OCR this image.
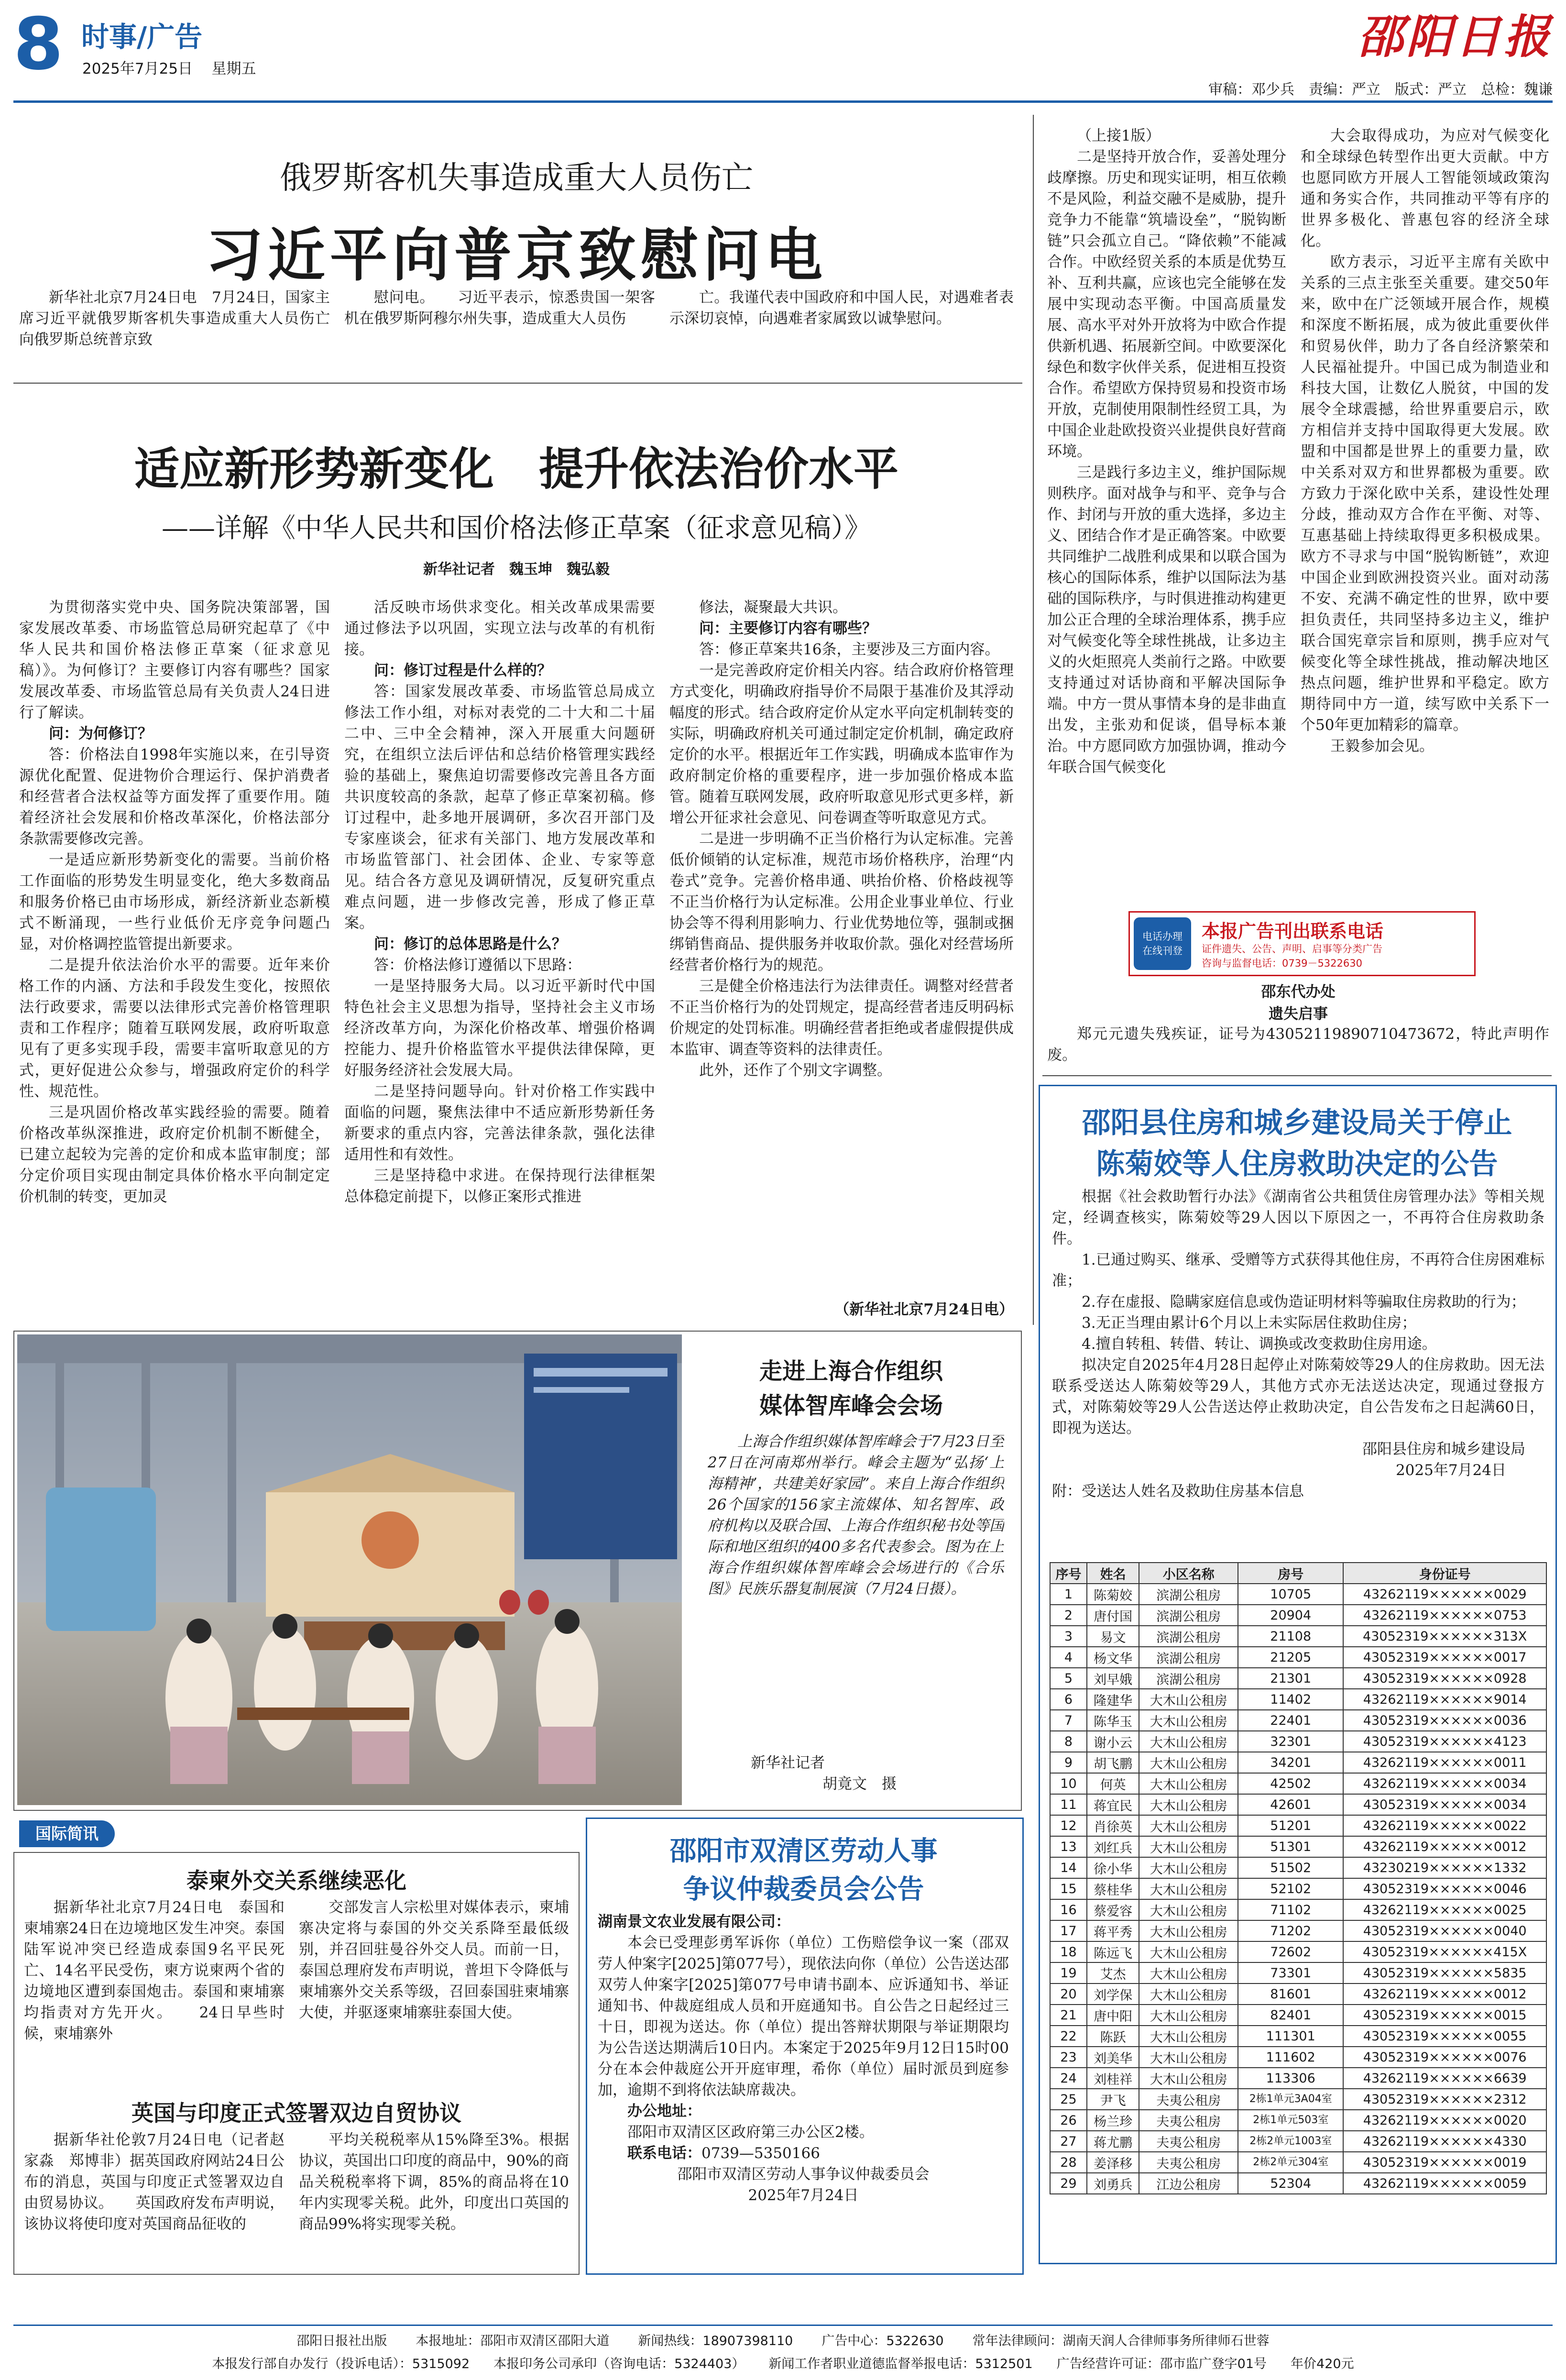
8 时事/广告
2025年7月25日 星期五
邵阳日报
审稿：邓少兵　责编：严立　版式：严立　总检：魏谦
俄罗斯客机失事造成重大人员伤亡
习近平向普京致慰问电

新华社北京7月24日电　7月24日，国家主席习近平就俄罗斯客机失事造成重大人员伤亡向俄罗斯总统普京致

慰问电。　　习近平表示，惊悉贵国一架客机在俄罗斯阿穆尔州失事，造成重大人员伤

亡。我谨代表中国政府和中国人民，对遇难者表示深切哀悼，向遇难者家属致以诚挚慰问。

适应新形势新变化　提升依法治价水平
——详解《中华人民共和国价格法修正草案（征求意见稿）》
新华社记者　魏玉坤　魏弘毅

为贯彻落实党中央、国务院决策部署，国家发展改革委、市场监管总局研究起草了《中华人民共和国价格法修正草案（征求意见稿）》。为何修订？主要修订内容有哪些？国家发展改革委、市场监管总局有关负责人24日进行了解读。

问：为何修订？

答：价格法自1998年实施以来，在引导资源优化配置、促进物价合理运行、保护消费者和经营者合法权益等方面发挥了重要作用。随着经济社会发展和价格改革深化，价格法部分条款需要修改完善。

一是适应新形势新变化的需要。当前价格工作面临的形势发生明显变化，绝大多数商品和服务价格已由市场形成，新经济新业态新模式不断涌现，一些行业低价无序竞争问题凸显，对价格调控监管提出新要求。

二是提升依法治价水平的需要。近年来价格工作的内涵、方法和手段发生变化，按照依法行政要求，需要以法律形式完善价格管理职责和工作程序；随着互联网发展，政府听取意见有了更多实现手段，需要丰富听取意见的方式，更好促进公众参与，增强政府定价的科学性、规范性。

三是巩固价格改革实践经验的需要。随着价格改革纵深推进，政府定价机制不断健全，已建立起较为完善的定价和成本监审制度；部分定价项目实现由制定具体价格水平向制定定价机制的转变，更加灵

活反映市场供求变化。相关改革成果需要通过修法予以巩固，实现立法与改革的有机衔接。

问：修订过程是什么样的？

答：国家发展改革委、市场监管总局成立修法工作小组，对标对表党的二十大和二十届二中、三中全会精神，深入开展重大问题研究，在组织立法后评估和总结价格管理实践经验的基础上，聚焦迫切需要修改完善且各方面共识度较高的条款，起草了修正草案初稿。修订过程中，赴多地开展调研，多次召开部门及专家座谈会，征求有关部门、地方发展改革和市场监管部门、社会团体、企业、专家等意见。结合各方意见及调研情况，反复研究重点难点问题，进一步修改完善，形成了修正草案。

问：修订的总体思路是什么？

答：价格法修订遵循以下思路：

一是坚持服务大局。以习近平新时代中国特色社会主义思想为指导，坚持社会主义市场经济改革方向，为深化价格改革、增强价格调控能力、提升价格监管水平提供法律保障，更好服务经济社会发展大局。

二是坚持问题导向。针对价格工作实践中面临的问题，聚焦法律中不适应新形势新任务新要求的重点内容，完善法律条款，强化法律适用性和有效性。

三是坚持稳中求进。在保持现行法律框架总体稳定前提下，以修正案形式推进

修法，凝聚最大共识。

问：主要修订内容有哪些？

答：修正草案共16条，主要涉及三方面内容。

一是完善政府定价相关内容。结合政府价格管理方式变化，明确政府指导价不局限于基准价及其浮动幅度的形式。结合政府定价从定水平向定机制转变的实际，明确政府机关可通过制定定价机制，确定政府定价的水平。根据近年工作实践，明确成本监审作为政府制定价格的重要程序，进一步加强价格成本监管。随着互联网发展，政府听取意见形式更多样，新增公开征求社会意见、问卷调查等听取意见方式。

二是进一步明确不正当价格行为认定标准。完善低价倾销的认定标准，规范市场价格秩序，治理“内卷式”竞争。完善价格串通、哄抬价格、价格歧视等不正当价格行为认定标准。公用企业事业单位、行业协会等不得利用影响力、行业优势地位等，强制或捆绑销售商品、提供服务并收取价款。强化对经营场所经营者价格行为的规范。

三是健全价格违法行为法律责任。调整对经营者不正当价格行为的处罚规定，提高经营者违反明码标价规定的处罚标准。明确经营者拒绝或者虚假提供成本监审、调查等资料的法律责任。

此外，还作了个别文字调整。

（新华社北京7月24日电）

（上接1版）

二是坚持开放合作，妥善处理分歧摩擦。历史和现实证明，相互依赖不是风险，利益交融不是威胁，提升竞争力不能靠“筑墙设垒”，“脱钩断链”只会孤立自己。“降依赖”不能减合作。中欧经贸关系的本质是优势互补、互利共赢，应该也完全能够在发展中实现动态平衡。中国高质量发展、高水平对外开放将为中欧合作提供新机遇、拓展新空间。中欧要深化绿色和数字伙伴关系，促进相互投资合作。希望欧方保持贸易和投资市场开放，克制使用限制性经贸工具，为中国企业赴欧投资兴业提供良好营商环境。

三是践行多边主义，维护国际规则秩序。面对战争与和平、竞争与合作、封闭与开放的重大选择，多边主义、团结合作才是正确答案。中欧要共同维护二战胜利成果和以联合国为核心的国际体系，维护以国际法为基础的国际秩序，与时俱进推动构建更加公正合理的全球治理体系，携手应对气候变化等全球性挑战，让多边主义的火炬照亮人类前行之路。中欧要支持通过对话协商和平解决国际争端。中方一贯从事情本身的是非曲直出发，主张劝和促谈，倡导标本兼治。中方愿同欧方加强协调，推动今年联合国气候变化

大会取得成功，为应对气候变化和全球绿色转型作出更大贡献。中方也愿同欧方开展人工智能领域政策沟通和务实合作，共同推动平等有序的世界多极化、普惠包容的经济全球化。

欧方表示，习近平主席有关欧中关系的三点主张至关重要。建交50年来，欧中在广泛领域开展合作，规模和深度不断拓展，成为彼此重要伙伴和贸易伙伴，助力了各自经济繁荣和人民福祉提升。中国已成为制造业和科技大国，让数亿人脱贫，中国的发展令全球震撼，给世界重要启示，欧方相信并支持中国取得更大发展。欧盟和中国都是世界上的重要力量，欧中关系对双方和世界都极为重要。欧方致力于深化欧中关系，建设性处理分歧，推动双方合作在平衡、对等、互惠基础上持续取得更多积极成果。欧方不寻求与中国“脱钩断链”，欢迎中国企业到欧洲投资兴业。面对动荡不安、充满不确定性的世界，欧中要担负责任，共同坚持多边主义，维护联合国宪章宗旨和原则，携手应对气候变化等全球性挑战，推动解决地区热点问题，维护世界和平稳定。欧方期待同中方一道，续写欧中关系下一个50年更加精彩的篇章。

王毅参加会见。

电话办理
在线刊登
本报广告刊出联系电话
证件遗失、公告、声明、启事等分类广告
咨询与监督电话：0739－5322630
邵东代办处
遗失启事

郑元元遗失残疾证，证号为43052119890710473672，特此声明作废。

邵阳县住房和城乡建设局关于停止
陈菊姣等人住房救助决定的公告

根据《社会救助暂行办法》《湖南省公共租赁住房管理办法》等相关规定，经调查核实，陈菊姣等29人因以下原因之一，不再符合住房救助条件。

1.已通过购买、继承、受赠等方式获得其他住房，不再符合住房困难标准；

2.存在虚报、隐瞒家庭信息或伪造证明材料等骗取住房救助的行为；

3.无正当理由累计6个月以上未实际居住救助住房；

4.擅自转租、转借、转让、调换或改变救助住房用途。

拟决定自2025年4月28日起停止对陈菊姣等29人的住房救助。因无法联系受送达人陈菊姣等29人，其他方式亦无法送达决定，现通过登报方式，对陈菊姣等29人公告送达停止救助决定，自公告发布之日起满60日，即视为送达。

邵阳县住房和城乡建设局

2025年7月24日

附：受送达人姓名及救助住房基本信息

序号	姓名	小区名称	房号	身份证号
1	陈菊姣	滨湖公租房	10705	43262119××××××0029
2	唐付国	滨湖公租房	20904	43262119××××××0753
3	易文	滨湖公租房	21108	43052319××××××313X
4	杨文华	滨湖公租房	21205	43052319××××××0017
5	刘早娥	滨湖公租房	21301	43052319××××××0928
6	隆建华	大木山公租房	11402	43262119××××××9014
7	陈华玉	大木山公租房	22401	43052319××××××0036
8	谢小云	大木山公租房	32301	43052319××××××4123
9	胡飞鹏	大木山公租房	34201	43262119××××××0011
10	何英	大木山公租房	42502	43262119××××××0034
11	蒋宜民	大木山公租房	42601	43052319××××××0034
12	肖徐英	大木山公租房	51201	43262119××××××0022
13	刘红兵	大木山公租房	51301	43262119××××××0012
14	徐小华	大木山公租房	51502	43230219××××××1332
15	蔡桂华	大木山公租房	52102	43052319××××××0046
16	蔡爱容	大木山公租房	71102	43262119××××××0025
17	蒋平秀	大木山公租房	71202	43052319××××××0040
18	陈远飞	大木山公租房	72602	43052319××××××415X
19	艾杰	大木山公租房	73301	43052319××××××5835
20	刘学保	大木山公租房	81601	43262119××××××0012
21	唐中阳	大木山公租房	82401	43052319××××××0015
22	陈跃	大木山公租房	111301	43052319××××××0055
23	刘美华	大木山公租房	111602	43052319××××××0076
24	刘桂祥	大木山公租房	113306	43262119××××××6639
25	尹飞	夫夷公租房	2栋1单元3A04室	43052319××××××2312
26	杨兰珍	夫夷公租房	2栋1单元503室	43262119××××××0020
27	蒋尤鹏	夫夷公租房	2栋2单元1003室	43262119××××××4330
28	姜泽移	夫夷公租房	2栋2单元304室	43052319××××××0019
29	刘勇兵	江边公租房	52304	43262119××××××0059
走进上海合作组织
媒体智库峰会会场

上海合作组织媒体智库峰会于7月23日至27日在河南郑州举行。峰会主题为“弘扬‘上海精神’，共建美好家园”。来自上海合作组织26个国家的156家主流媒体、知名智库、政府机构以及联合国、上海合作组织秘书处等国际和地区组织的400多名代表参会。图为在上海合作组织媒体智库峰会会场进行的《合乐图》民族乐器复制展演（7月24日摄）。

新华社记者
胡竟文　摄
国际简讯
泰柬外交关系继续恶化

据新华社北京7月24日电　泰国和柬埔寨24日在边境地区发生冲突。泰国陆军说冲突已经造成泰国9名平民死亡、14名平民受伤，柬方说柬两个省的边境地区遭到泰国炮击。泰国和柬埔寨均指责对方先开火。　　24日早些时候，柬埔寨外

交部发言人宗松里对媒体表示，柬埔寨决定将与泰国的外交关系降至最低级别，并召回驻曼谷外交人员。而前一日，泰国总理府发布声明说，普坦下令降低与柬埔寨外交关系等级，召回泰国驻柬埔寨大使，并驱逐柬埔寨驻泰国大使。

英国与印度正式签署双边自贸协议

据新华社伦敦7月24日电（记者赵家淼　郑博非）据英国政府网站24日公布的消息，英国与印度正式签署双边自由贸易协议。　　英国政府发布声明说，该协议将使印度对英国商品征收的

平均关税税率从15%降至3%。根据协议，英国出口印度的商品中，90%的商品关税税率将下调，85%的商品将在10年内实现零关税。此外，印度出口英国的商品99%将实现零关税。

邵阳市双清区劳动人事
争议仲裁委员会公告

湖南景文农业发展有限公司：

本会已受理彭勇军诉你（单位）工伤赔偿争议一案（邵双劳人仲案字[2025]第077号），现依法向你（单位）公告送达邵双劳人仲案字[2025]第077号申请书副本、应诉通知书、举证通知书、仲裁庭组成人员和开庭通知书。自公告之日起经过三十日，即视为送达。你（单位）提出答辩状期限与举证期限均为公告送达期满后10日内。本案定于2025年9月12日15时00分在本会仲裁庭公开开庭审理，希你（单位）届时派员到庭参加，逾期不到将依法缺席裁决。

办公地址：

邵阳市双清区区政府第三办公区2楼。

联系电话：0739—5350166

邵阳市双清区劳动人事争议仲裁委员会

2025年7月24日

邵阳日报社出版 本报地址：邵阳市双清区邵阳大道 新闻热线：18907398110 广告中心：5322630 常年法律顾问：湖南天润人合律师事务所律师石世蓉
本报发行部自办发行（投诉电话）：5315092 本报印务公司承印（咨询电话：5324403） 新闻工作者职业道德监督举报电话：5312501 广告经营许可证：邵市监广登字01号 年价420元
